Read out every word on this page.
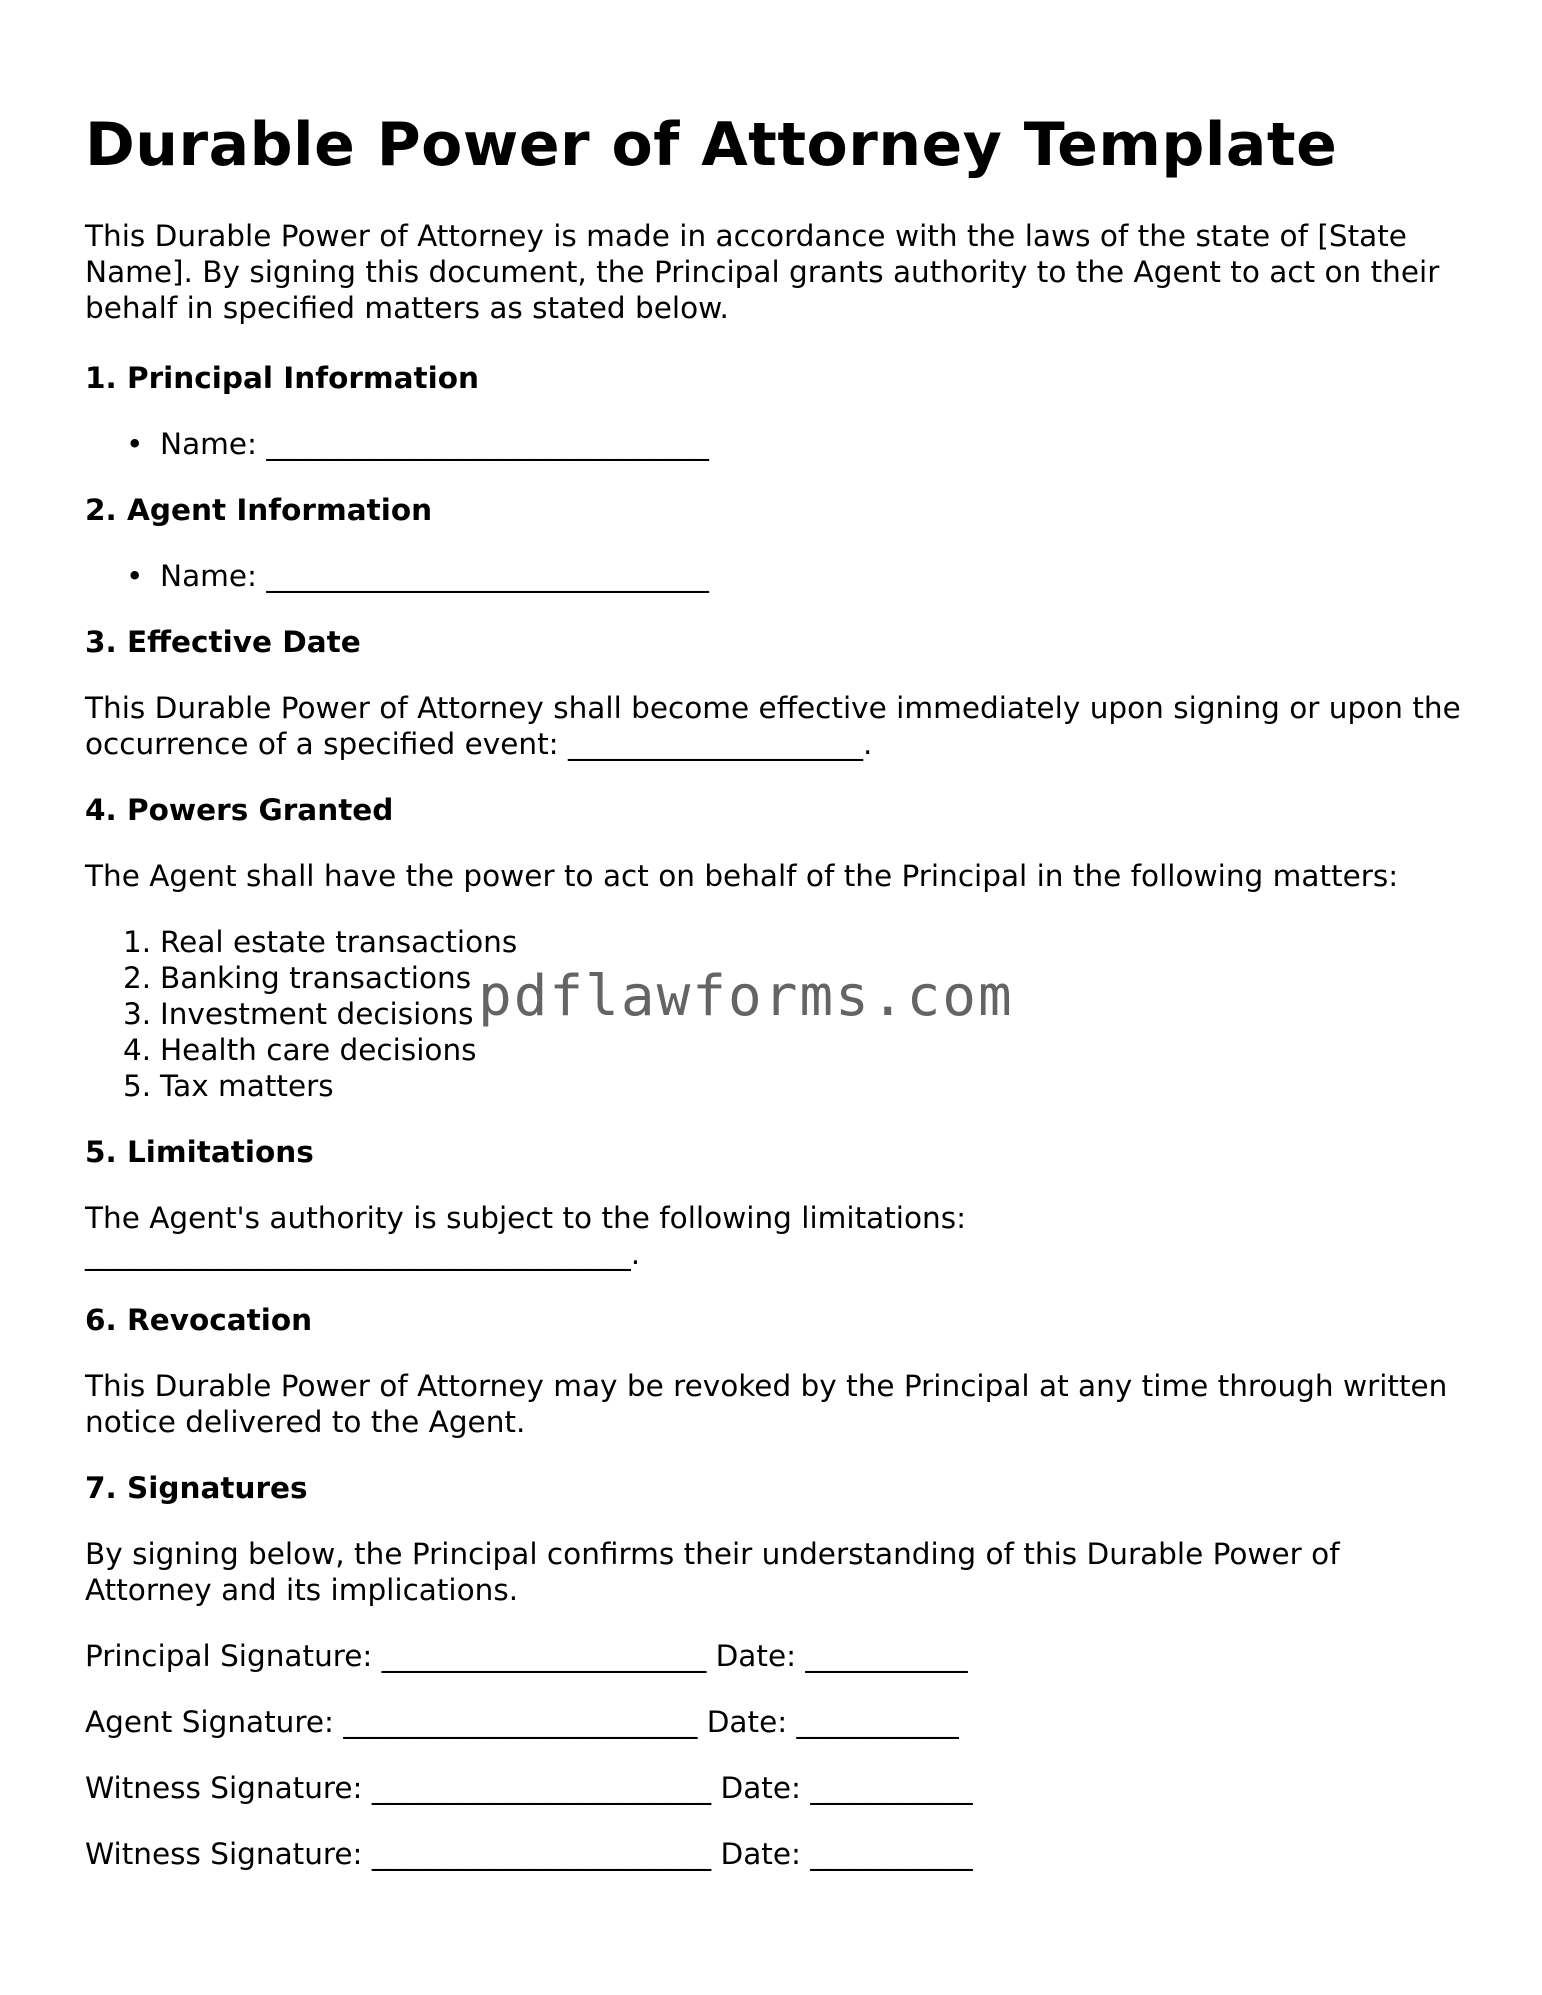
Durable Power of Attorney Template

This Durable Power of Attorney is made in accordance with the laws of the state of [State Name]. By signing this document, the Principal grants authority to the Agent to act on their behalf in specified matters as stated below.

1. Principal Information
• Name: ______________________________
2. Agent Information
• Name: ______________________________
3. Effective Date

This Durable Power of Attorney shall become effective immediately upon signing or upon the occurrence of a specified event: ____________________.

4. Powers Granted

The Agent shall have the power to act on behalf of the Principal in the following matters:

1. Real estate transactions
2. Banking transactions
3. Investment decisions
4. Health care decisions
5. Tax matters
5. Limitations

The Agent's authority is subject to the following limitations: _____________________________________.

6. Revocation

This Durable Power of Attorney may be revoked by the Principal at any time through written notice delivered to the Agent.

7. Signatures

By signing below, the Principal confirms their understanding of this Durable Power of Attorney and its implications.

Principal Signature: ______________________ Date: ___________

Agent Signature: ________________________ Date: ___________

Witness Signature: _______________________ Date: ___________

Witness Signature: _______________________ Date: ___________

pdflawforms.com
